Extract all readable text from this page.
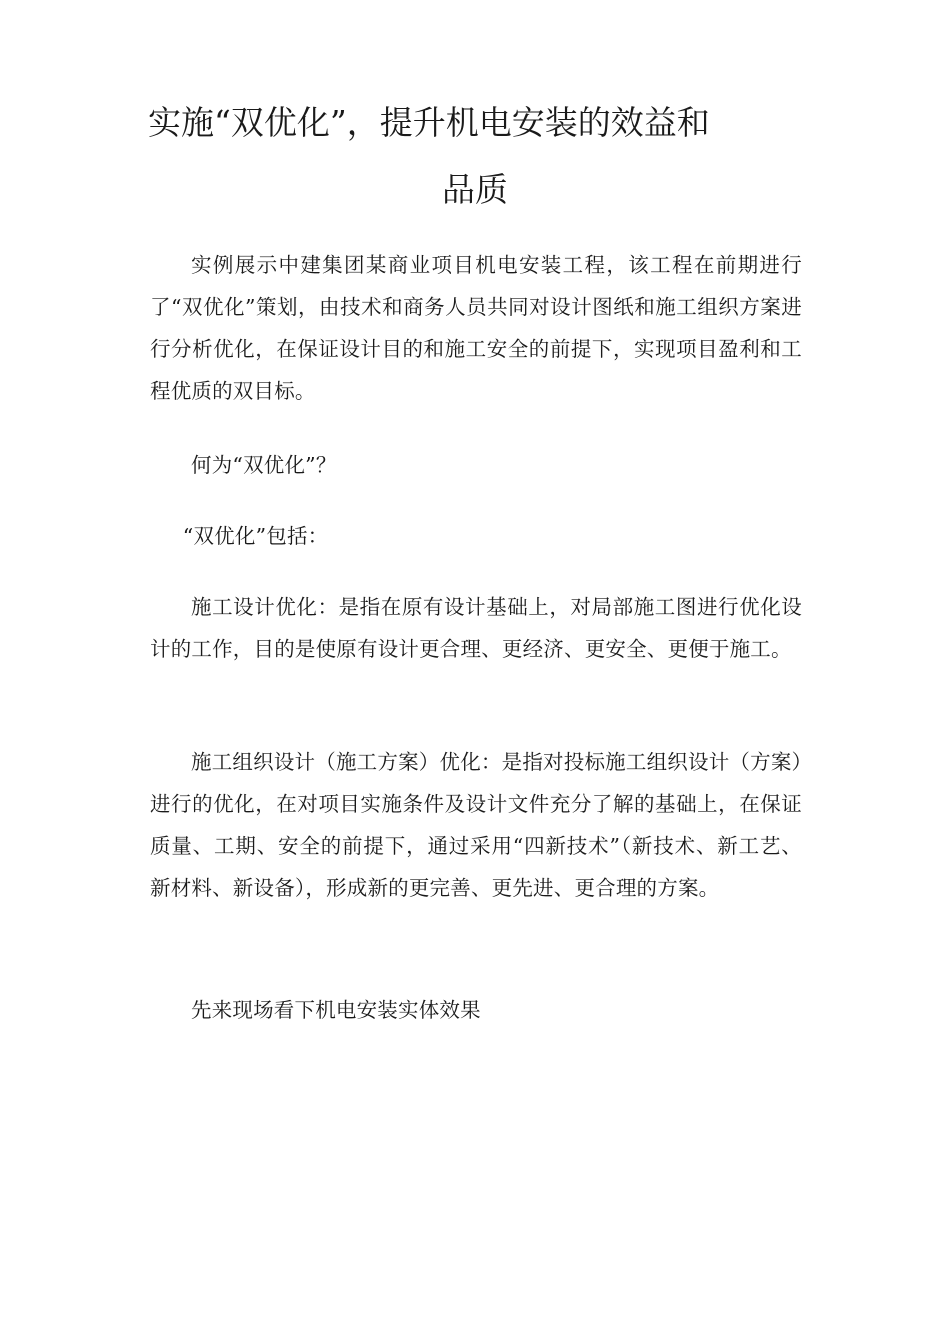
实施“双优化”，提升机电安装的效益和
品质

实例展示中建集团某商业项目机电安装工程，该工程在前期进行了“双优化”策划，由技术和商务人员共同对设计图纸和施工组织方案进行分析优化，在保证设计目的和施工安全的前提下，实现项目盈利和工程优质的双目标。

何为“双优化”？

“双优化”包括：

施工设计优化：是指在原有设计基础上，对局部施工图进行优化设计的工作，目的是使原有设计更合理、更经济、更安全、更便于施工。

施工组织设计（施工方案）优化：是指对投标施工组织设计（方案）进行的优化，在对项目实施条件及设计文件充分了解的基础上，在保证质量、工期、安全的前提下，通过采用“四新技术”（新技术、新工艺、新材料、新设备），形成新的更完善、更先进、更合理的方案。

先来现场看下机电安装实体效果
